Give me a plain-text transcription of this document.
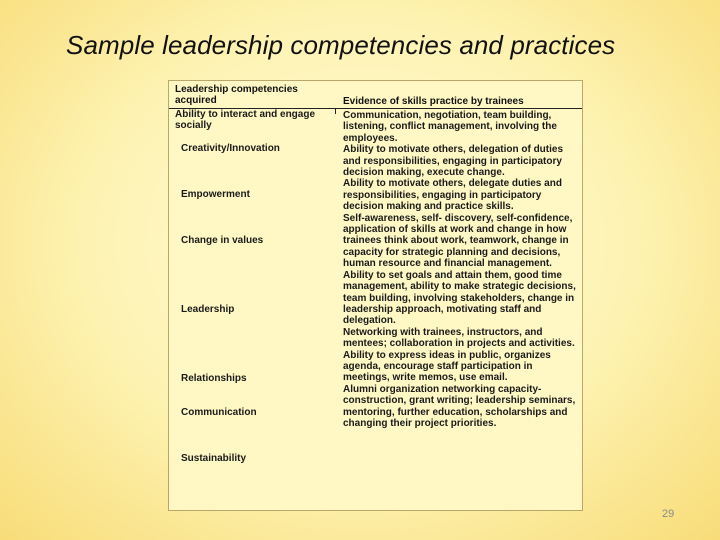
Sample leadership competencies and practices
Leadership competencies acquired	Evidence of skills practice by trainees
Ability to interact and engage socially
Creativity/Innovation
Empowerment
Change in values
Leadership
Relationships
Communication
Sustainability

Communication, negotiation, team building, listening, conflict management, involving the employees.

Ability to motivate others, delegation of duties and responsibilities, engaging in participatory decision making, execute change.

Ability to motivate others, delegate duties and responsibilities, engaging in participatory decision making and practice skills.

Self-awareness, self- discovery, self-confidence, application of skills at work and change in how trainees think about work, teamwork, change in capacity for strategic planning and decisions, human resource and financial management.

Ability to set goals and attain them, good time management, ability to make strategic decisions, team building, involving stakeholders, change in leadership approach, motivating staff and delegation.

Networking with trainees, instructors, and mentees; collaboration in projects and activities.

Ability to express ideas in public, organizes agenda, encourage staff participation in meetings, write memos, use email.

Alumni organization networking capacity-construction, grant writing; leadership seminars, mentoring, further education, scholarships and changing their project priorities.

29
